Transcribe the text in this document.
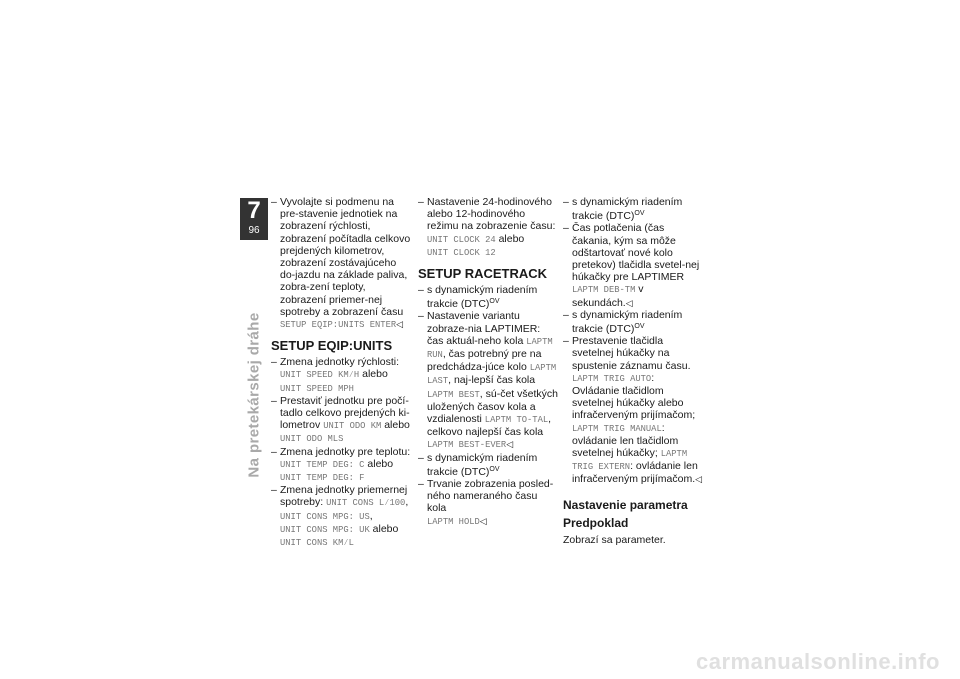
7
96
Na pretekárskej dráhe

– Vyvolajte si podmenu na pre-stavenie jednotiek na zobrazení rýchlosti, zobrazení počítadla celkovo prejdených kilometrov, zobrazení zostávajúceho do-jazdu na základe paliva, zobra-zení teploty, zobrazení priemer-nej spotreby a zobrazení času SETUP EQIP:UNITS ENTER◁

SETUP EQIP:UNITS

– Zmena jednotky rýchlosti:
UNIT SPEED KM⁄H alebo
UNIT SPEED MPH

– Prestaviť jednotku pre počí-tadlo celkovo prejdených ki-lometrov UNIT ODO KM alebo
UNIT ODO MLS

– Zmena jednotky pre teplotu:
UNIT TEMP DEG: C alebo
UNIT TEMP DEG: F

– Zmena jednotky priemernej spotreby: UNIT CONS L⁄100,
UNIT CONS MPG: US,
UNIT CONS MPG: UK alebo
UNIT CONS KM⁄L

– Nastavenie 24-hodinového alebo 12-hodinového režimu na zobrazenie času:
UNIT CLOCK 24 alebo
UNIT CLOCK 12

SETUP RACETRACK

– s dynamickým riadením trakcie (DTC)$^{OV}$

– Nastavenie variantu zobraze-nia LAPTIMER: čas aktuál-neho kola LAPTM RUN, čas potrebný pre na predchádza-júce kolo LAPTM LAST, naj-lepší čas kola LAPTM BEST, sú-čet všetkých uložených časov kola a vzdialenosti LAPTM TO-TAL, celkovo najlepší čas kola LAPTM BEST-EVER◁

– s dynamickým riadením trakcie (DTC)$^{OV}$

– Trvanie zobrazenia posled-ného nameraného času kola
LAPTM HOLD◁

– s dynamickým riadením trakcie (DTC)$^{OV}$

– Čas potlačenia (čas čakania, kým sa môže odštartovať nové kolo pretekov) tlačidla svetel-nej húkačky pre LAPTIMER
LAPTM DEB-TM v sekundách.◁

– s dynamickým riadením trakcie (DTC)$^{OV}$

– Prestavenie tlačidla svetelnej húkačky na spustenie záznamu času. LAPTM TRIG AUTO: Ovládanie tlačidlom svetelnej húkačky alebo infračerveným prijímačom; LAPTM TRIG MANUAL: ovládanie len tlačidlom svetelnej húkačky; LAPTM TRIG EXTERN: ovládanie len infračerveným prijímačom.◁

Nastavenie parametra
Predpoklad

Zobrazí sa parameter.

carmanualsonline.info
